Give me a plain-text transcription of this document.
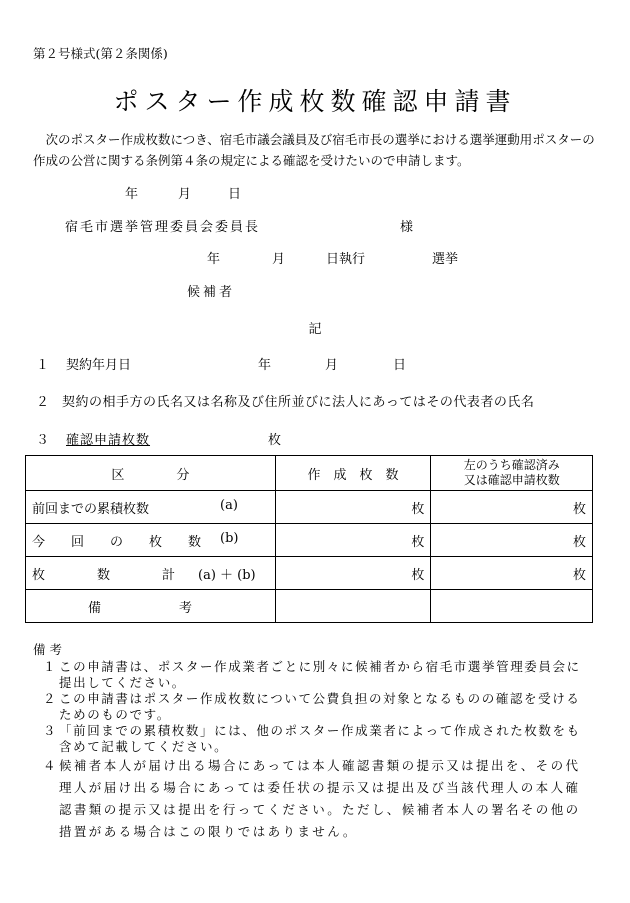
第２号様式(第２条関係)
ポスター作成枚数確認申請書
　次のポスター作成枚数につき、宿毛市議会議員及び宿毛市長の選挙における選挙運動用ポスターの作成の公営に関する条例第４条の規定による確認を受けたいので申請します。
年	月	日
宿毛市選挙管理委員会委員長	様
年	月	日執行	選挙
候補者
記
１ 契約年月日	年	月	日
２ 契約の相手方の氏名又は名称及び住所並びに法人にあってはその代表者の氏名
３ 確認申請枚数	枚
区　　　　分	作　成　枚　数	左のうち確認済み
又は確認申請枚数

前回までの累積枚数 (a)	枚	枚
今　　回　　の　　枚　　数 (b)	枚	枚
枚　　　　数　　　　計 (a) ＋ (b)	枚	枚
備　　　　　　考		
備考
１ この申請書は、ポスター作成業者ごとに別々に候補者から宿毛市選挙管理委員会に提出してください。
２ この申請書はポスター作成枚数について公費負担の対象となるものの確認を受けるためのものです。
３ 「前回までの累積枚数」には、他のポスター作成業者によって作成された枚数をも含めて記載してください。
４ 候補者本人が届け出る場合にあっては本人確認書類の提示又は提出を、その代理人が届け出る場合にあっては委任状の提示又は提出及び当該代理人の本人確認書類の提示又は提出を行ってください。ただし、候補者本人の署名その他の措置がある場合はこの限りではありません。
